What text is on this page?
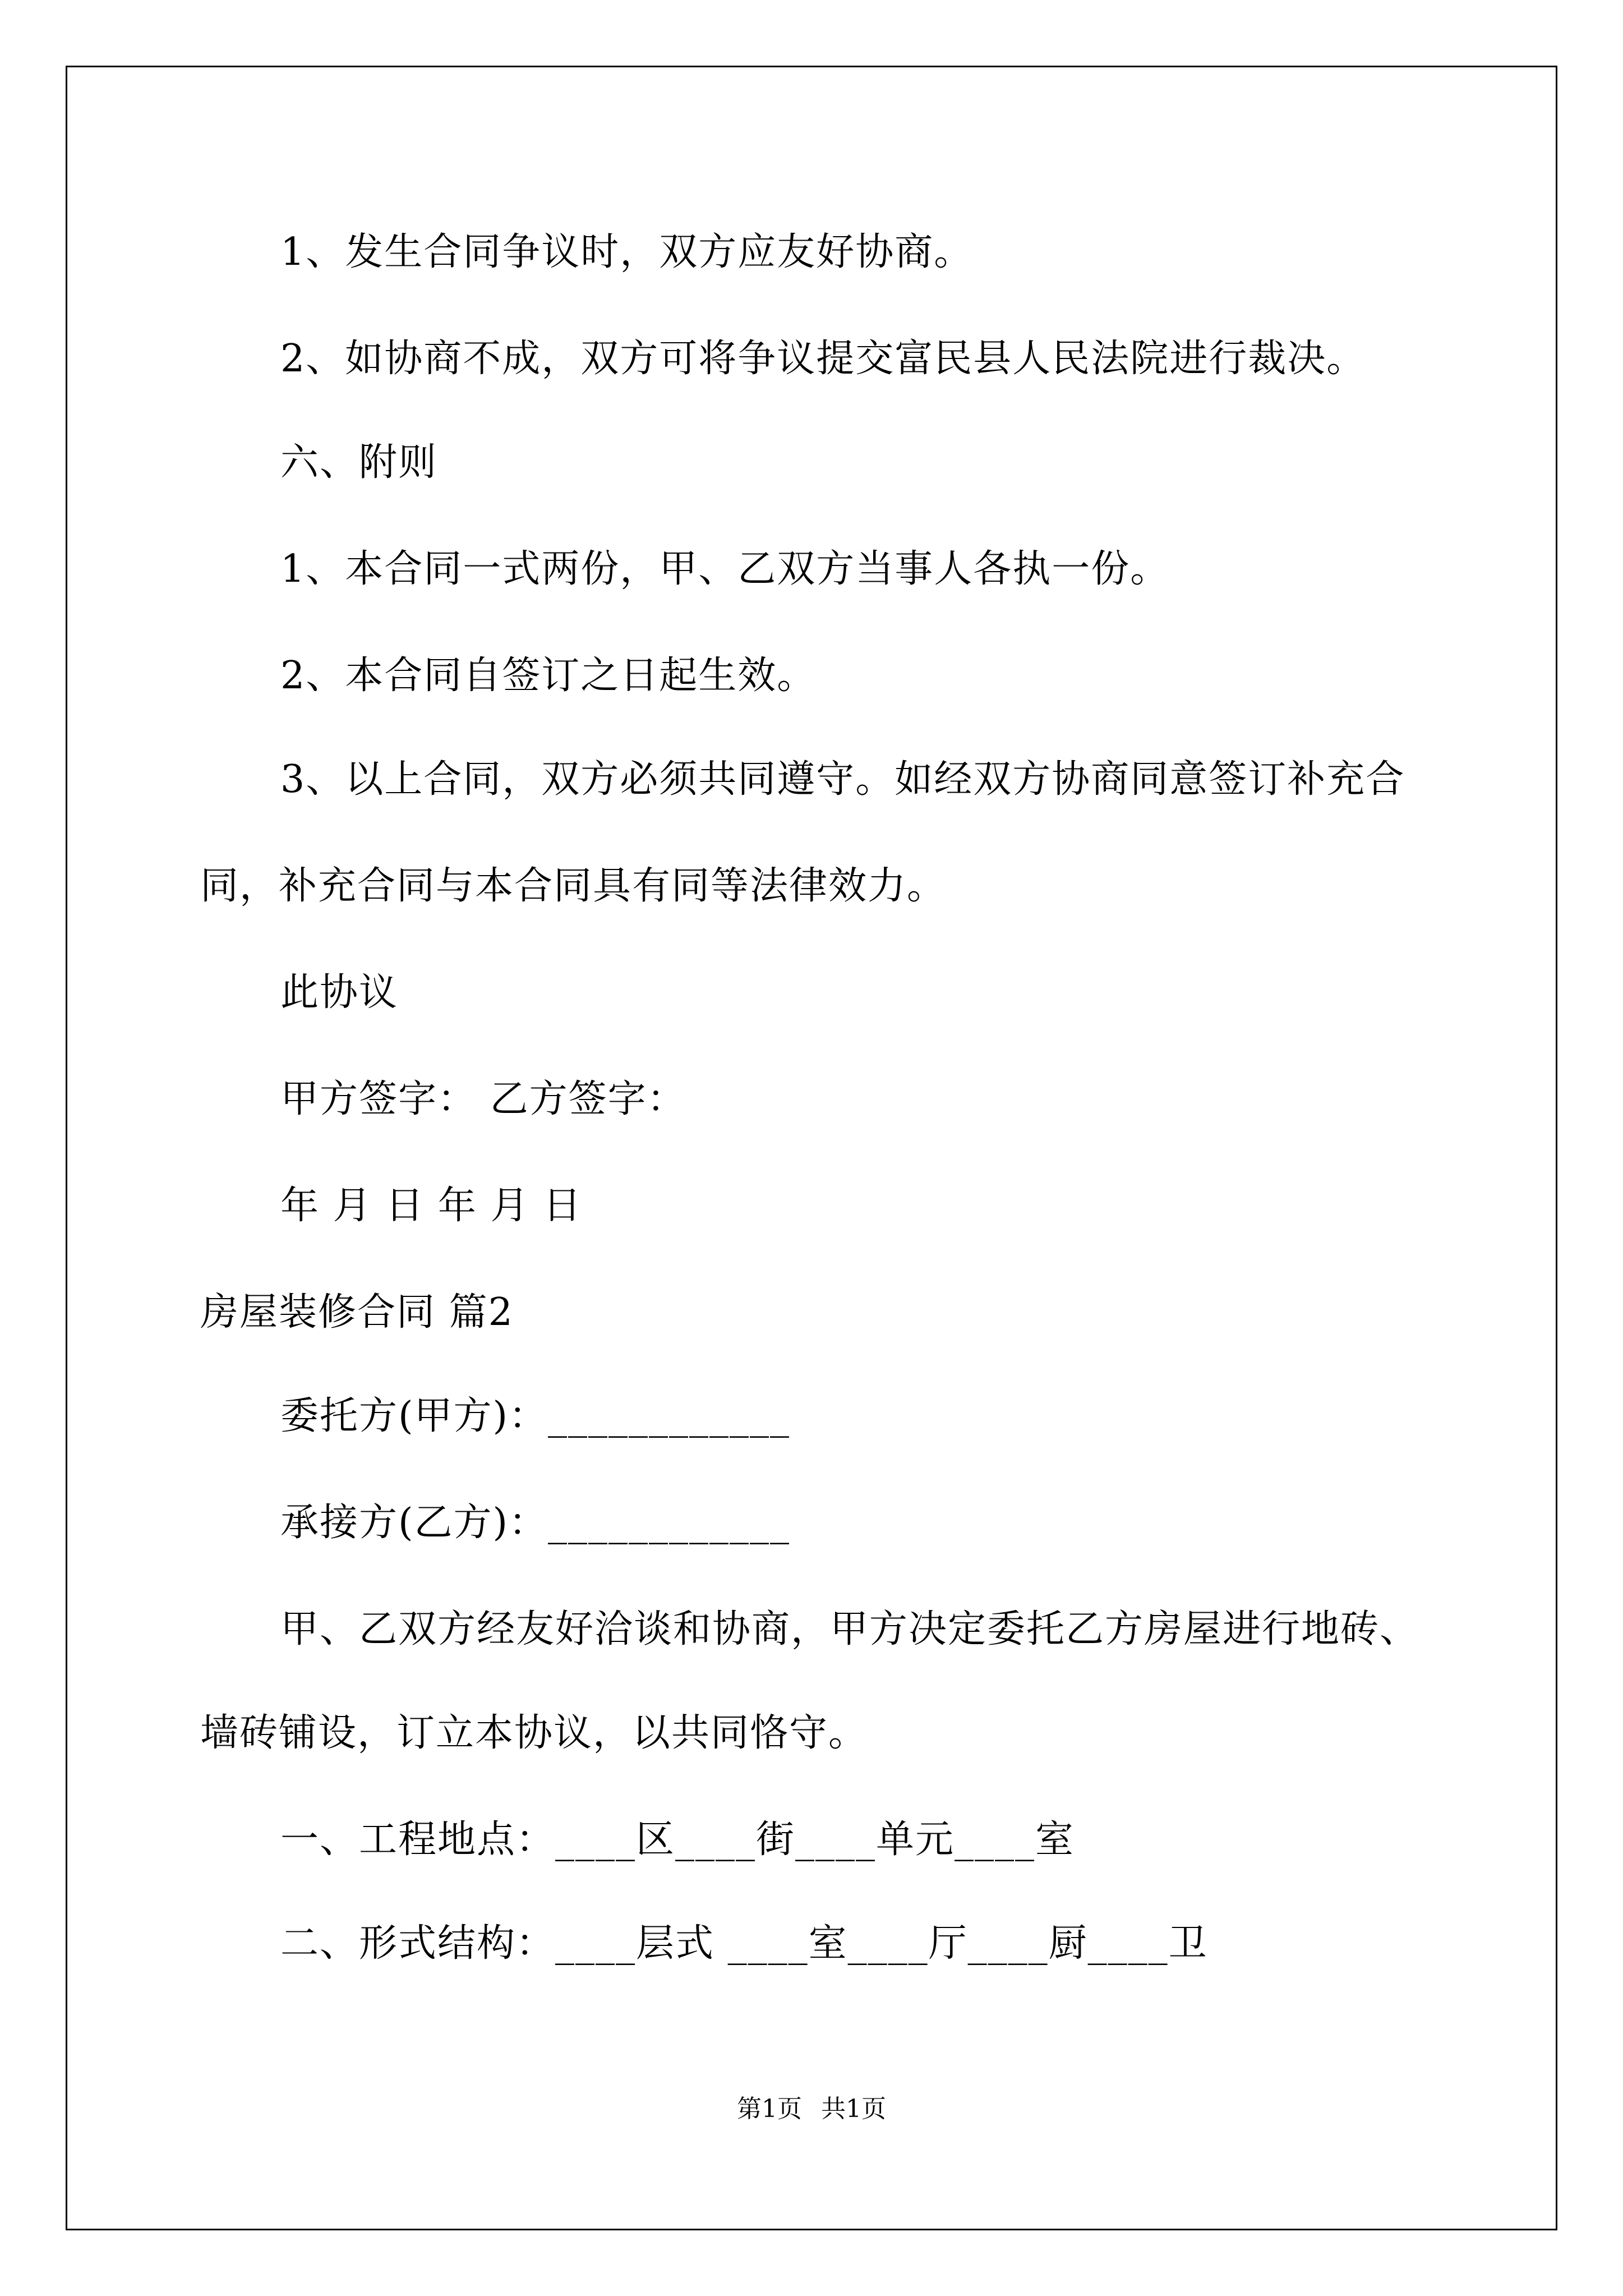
1、发生合同争议时，双方应友好协商。
2、如协商不成，双方可将争议提交富民县人民法院进行裁决。
六、附则
1、本合同一式两份，甲、乙双方当事人各执一份。
2、本合同自签订之日起生效。
3、以上合同，双方必须共同遵守。如经双方协商同意签订补充合
同，补充合同与本合同具有同等法律效力。
此协议
甲方签字： 乙方签字：
年 月 日 年 月 日
房屋装修合同 篇2
委托方(甲方)：____________
承接方(乙方)：____________
甲、乙双方经友好洽谈和协商，甲方决定委托乙方房屋进行地砖、
墙砖铺设，订立本协议，以共同恪守。
一、工程地点：____区____街____单元____室
二、形式结构：____层式 ____室____厅____厨____卫
第1页 共1页
